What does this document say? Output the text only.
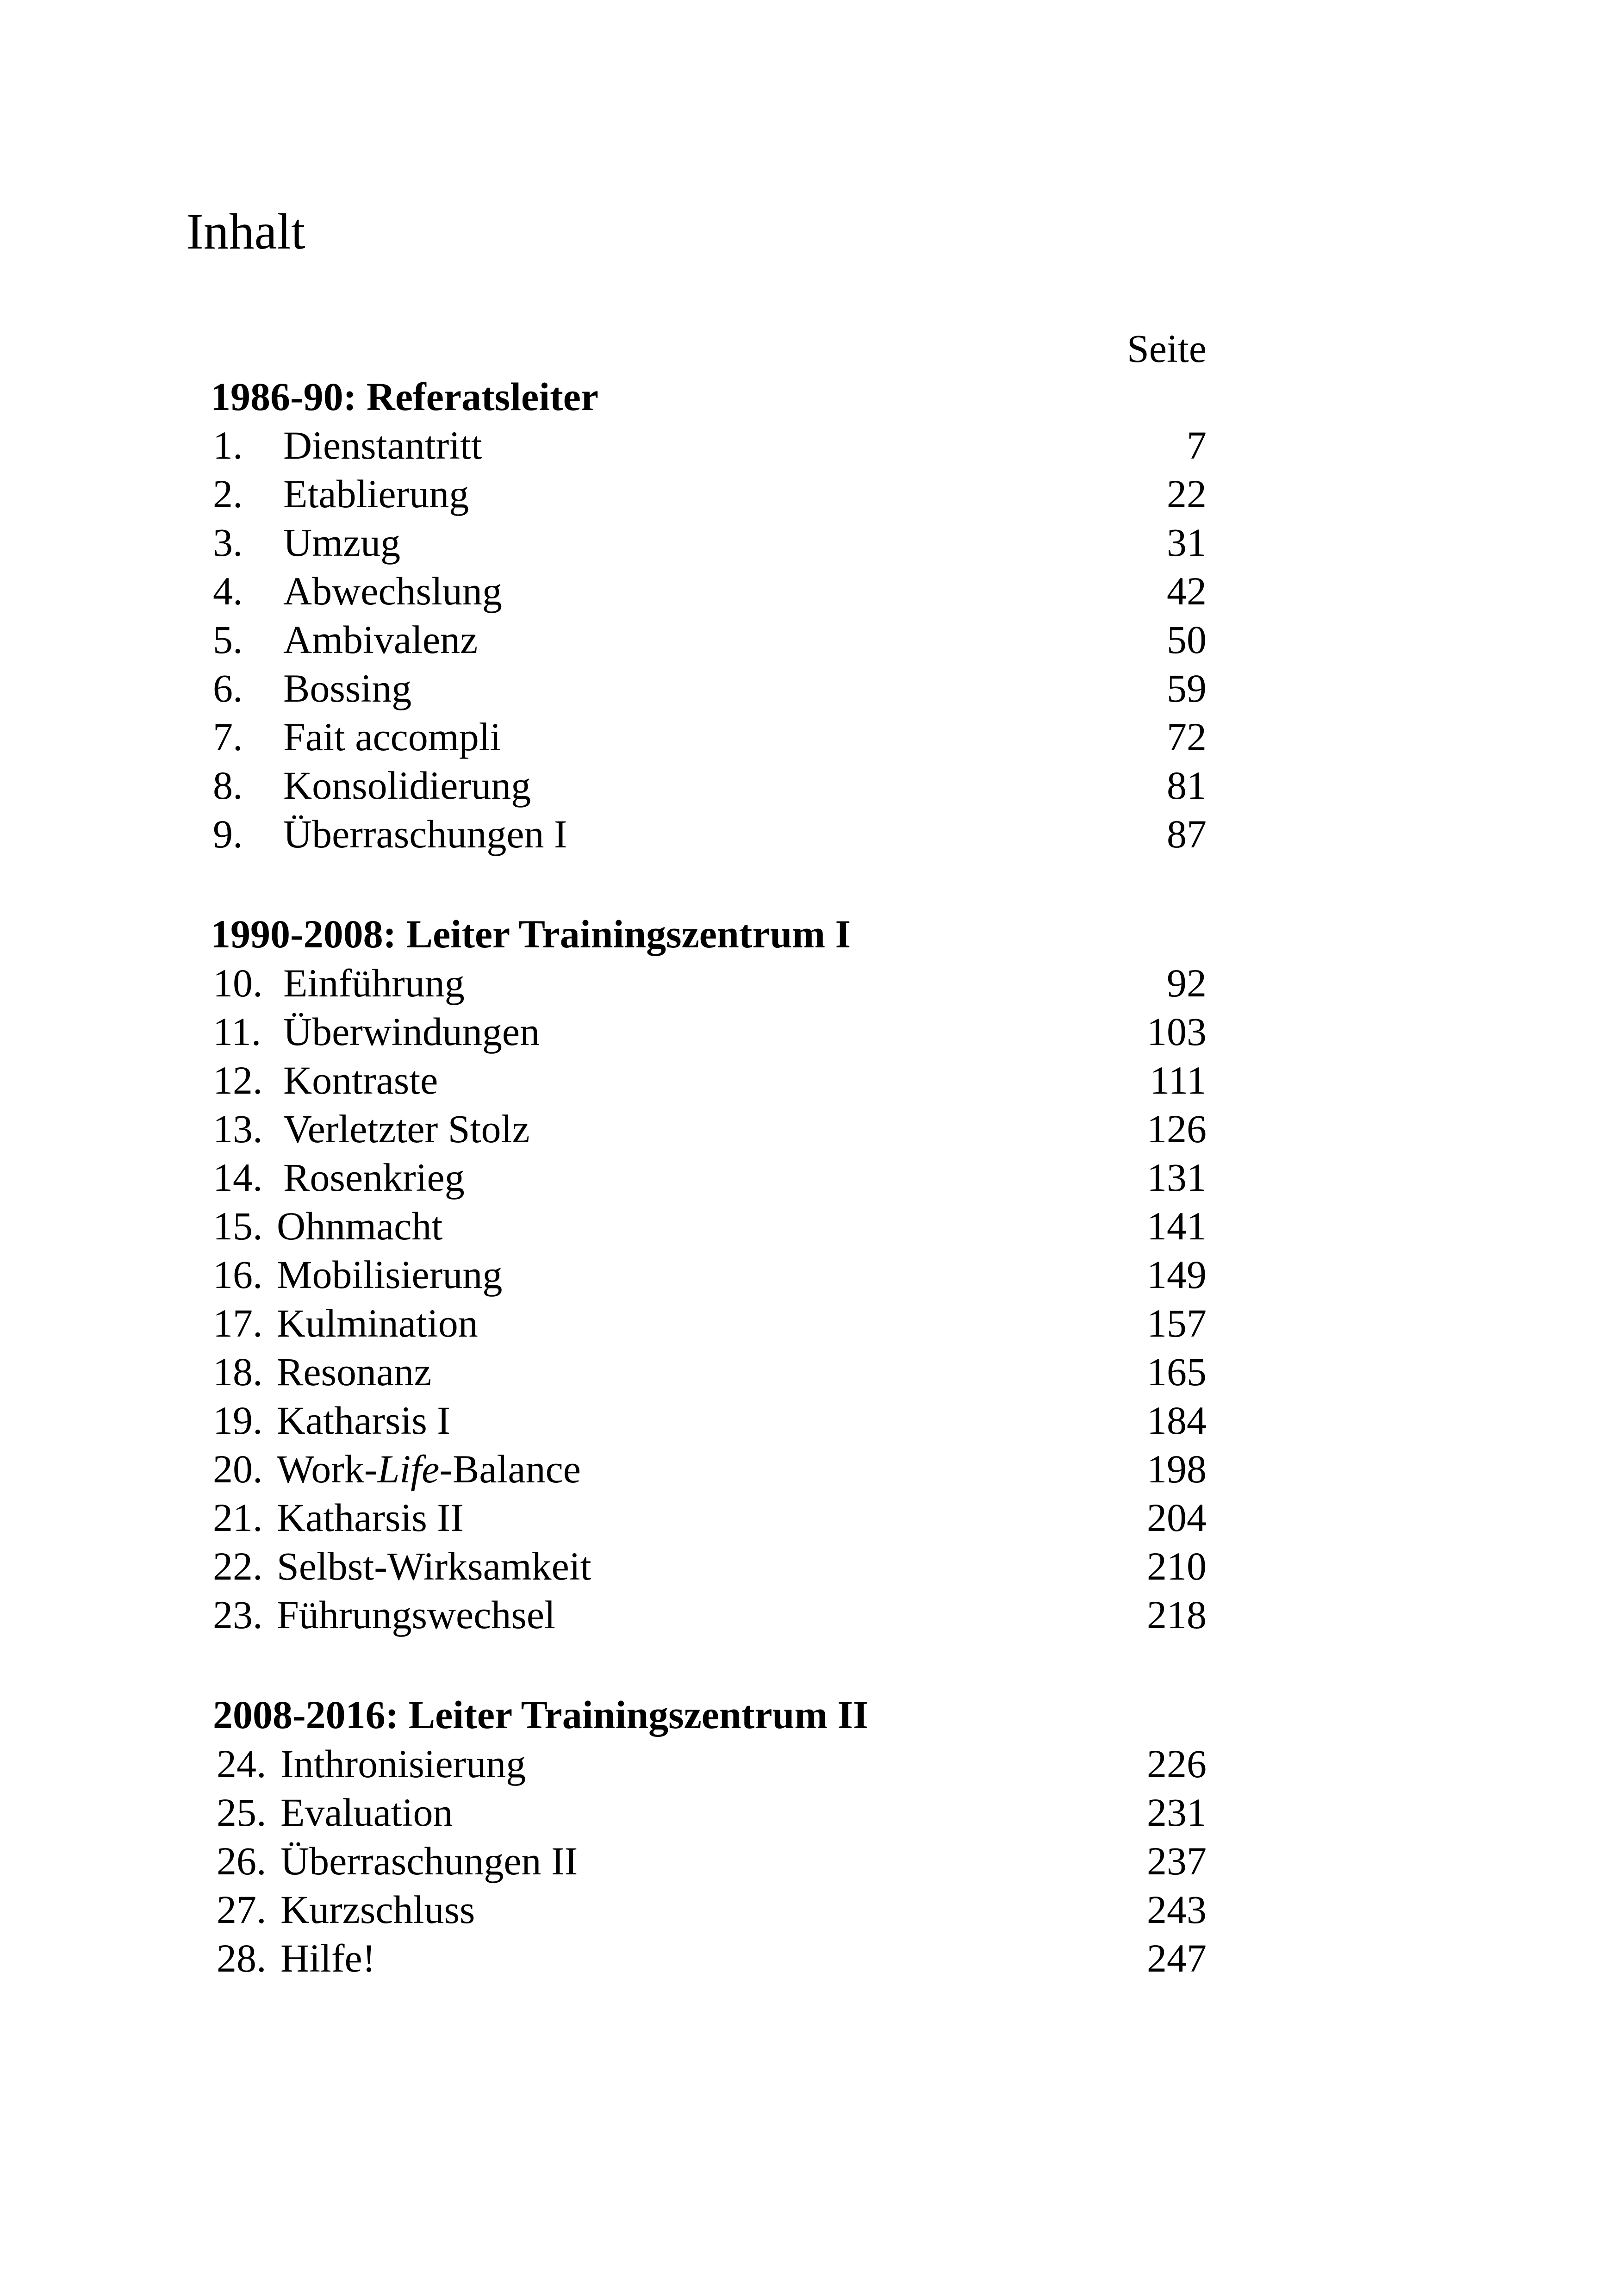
Inhalt
Seite
1986-90: Referatsleiter
1. Dienstantritt	7
2. Etablierung	22
3. Umzug	31
4. Abwechslung	42
5. Ambivalenz	50
6. Bossing	59
7. Fait accompli	72
8. Konsolidierung	81
9. Überraschungen I	87
1990-2008: Leiter Trainingszentrum I
10. Einführung	92
11. Überwindungen	103
12. Kontraste	111
13. Verletzter Stolz	126
14. Rosenkrieg	131
15. Ohnmacht	141
16. Mobilisierung	149
17. Kulmination	157
18. Resonanz	165
19. Katharsis I	184
20. Work-Life-Balance	198
21. Katharsis II	204
22. Selbst-Wirksamkeit	210
23. Führungswechsel	218
2008-2016: Leiter Trainingszentrum II
24. Inthronisierung	226
25. Evaluation	231
26. Überraschungen II	237
27. Kurzschluss	243
28. Hilfe!	247
